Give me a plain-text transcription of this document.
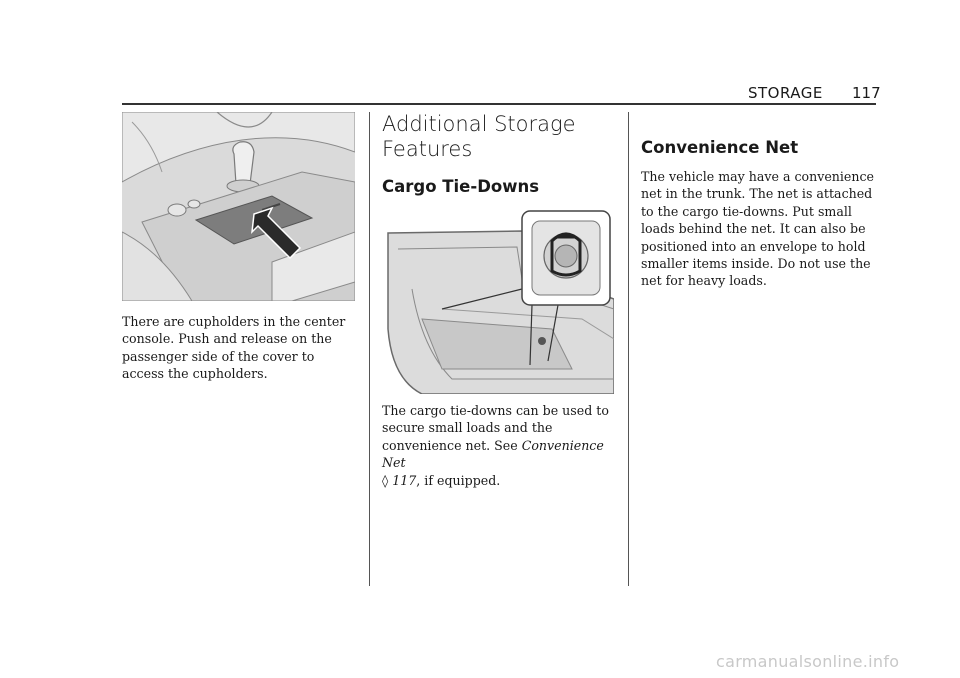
STORAGE 117

There are cupholders in the center console. Push and release on the passenger side of the cover to access the cupholders.

Additional Storage Features
Cargo Tie-Downs

The cargo tie-downs can be used to secure small loads and the convenience net. See Convenience Net
◊ 117, if equipped.

Convenience Net

The vehicle may have a convenience net in the trunk. The net is attached to the cargo tie-downs. Put small loads behind the net. It can also be positioned into an envelope to hold smaller items inside. Do not use the net for heavy loads.

carmanualsonline.info
